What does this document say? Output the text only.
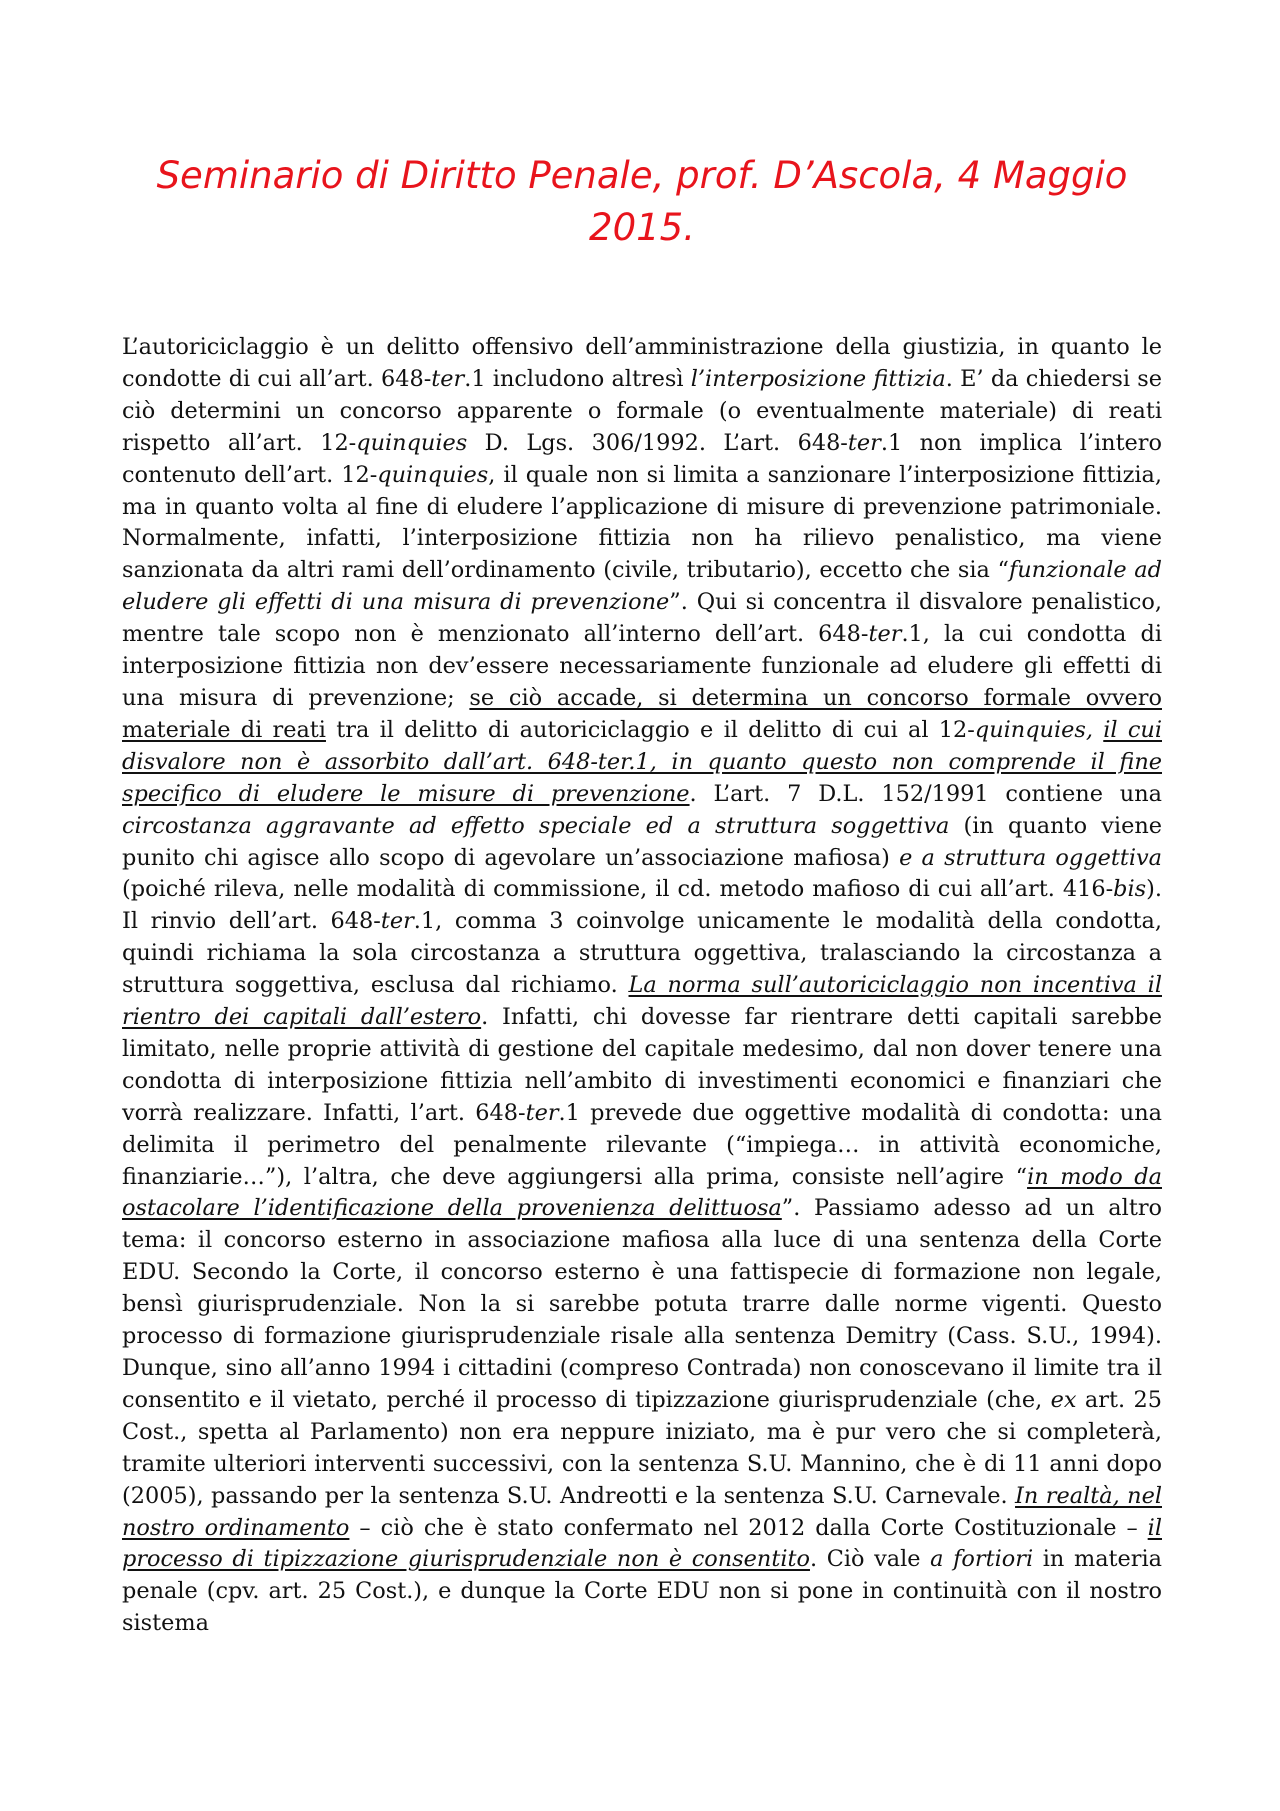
Seminario di Diritto Penale, prof. D’Ascola, 4 Maggio 2015.

L’autoriciclaggio è un delitto offensivo dell’amministrazione della giustizia, in quanto le condotte di cui all’art. 648-ter.1 includono altresì l’interposizione fittizia. E’ da chiedersi se ciò determini un concorso apparente o formale (o eventualmente materiale) di reati rispetto all’art. 12-quinquies D. Lgs. 306/1992. L’art. 648-ter.1 non implica l’intero contenuto dell’art. 12-quinquies, il quale non si limita a sanzionare l’interposizione fittizia, ma in quanto volta al fine di eludere l’applicazione di misure di prevenzione patrimoniale. Normalmente, infatti, l’interposizione fittizia non ha rilievo penalistico, ma viene sanzionata da altri rami dell’ordinamento (civile, tributario), eccetto che sia “funzionale ad eludere gli effetti di una misura di prevenzione”. Qui si concentra il disvalore penalistico, mentre tale scopo non è menzionato all’interno dell’art. 648-ter.1, la cui condotta di interposizione fittizia non dev’essere necessariamente funzionale ad eludere gli effetti di una misura di prevenzione; se ciò accade, si determina un concorso formale ovvero materiale di reati tra il delitto di autoriciclaggio e il delitto di cui al 12-quinquies, il cui disvalore non è assorbito dall’art. 648-ter.1, in quanto questo non comprende il fine specifico di eludere le misure di prevenzione. L’art. 7 D.L. 152/1991 contiene una circostanza aggravante ad effetto speciale ed a struttura soggettiva (in quanto viene punito chi agisce allo scopo di agevolare un’associazione mafiosa) e a struttura oggettiva (poiché rileva, nelle modalità di commissione, il cd. metodo mafioso di cui all’art. 416-bis). Il rinvio dell’art. 648-ter.1, comma 3 coinvolge unicamente le modalità della condotta, quindi richiama la sola circostanza a struttura oggettiva, tralasciando la circostanza a struttura soggettiva, esclusa dal richiamo. La norma sull’autoriciclaggio non incentiva il rientro dei capitali dall’estero. Infatti, chi dovesse far rientrare detti capitali sarebbe limitato, nelle proprie attività di gestione del capitale medesimo, dal non dover tenere una condotta di interposizione fittizia nell’ambito di investimenti economici e finanziari che vorrà realizzare. Infatti, l’art. 648-ter.1 prevede due oggettive modalità di condotta: una delimita il perimetro del penalmente rilevante (“impiega… in attività economiche, finanziarie…”), l’altra, che deve aggiungersi alla prima, consiste nell’agire “in modo da ostacolare l’identificazione della provenienza delittuosa”. Passiamo adesso ad un altro tema: il concorso esterno in associazione mafiosa alla luce di una sentenza della Corte EDU. Secondo la Corte, il concorso esterno è una fattispecie di formazione non legale, bensì giurisprudenziale. Non la si sarebbe potuta trarre dalle norme vigenti. Questo processo di formazione giurisprudenziale risale alla sentenza Demitry (Cass. S.U., 1994). Dunque, sino all’anno 1994 i cittadini (compreso Contrada) non conoscevano il limite tra il consentito e il vietato, perché il processo di tipizzazione giurisprudenziale (che, ex art. 25 Cost., spetta al Parlamento) non era neppure iniziato, ma è pur vero che si completerà, tramite ulteriori interventi successivi, con la sentenza S.U. Mannino, che è di 11 anni dopo (2005), passando per la sentenza S.U. Andreotti e la sentenza S.U. Carnevale. In realtà, nel nostro ordinamento – ciò che è stato confermato nel 2012 dalla Corte Costituzionale – il processo di tipizzazione giurisprudenziale non è consentito. Ciò vale a fortiori in materia penale (cpv. art. 25 Cost.), e dunque la Corte EDU non si pone in continuità con il nostro sistema
